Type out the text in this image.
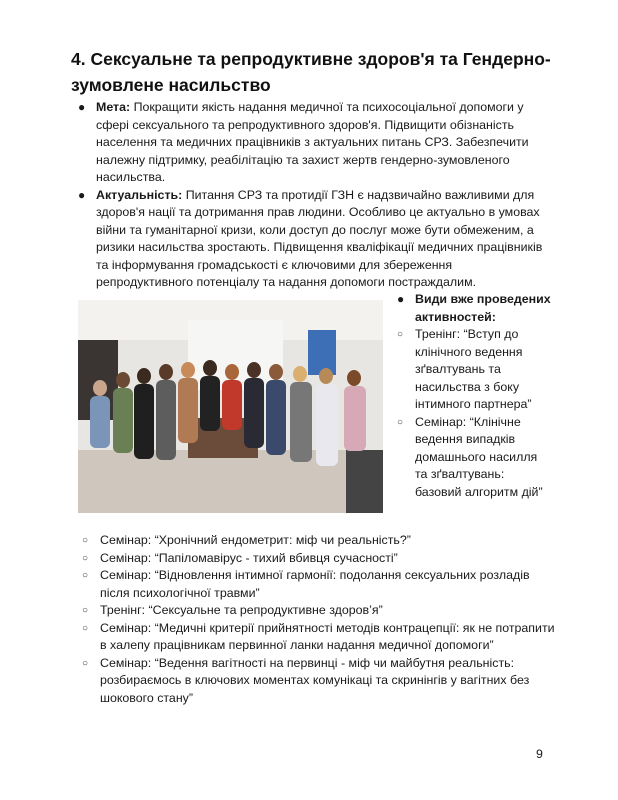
4. Сексуальне та репродуктивне здоров'я та Гендерно-зумовлене насильство
● Мета: Покращити якість надання медичної та психосоціальної допомоги у сфері сексуального та репродуктивного здоров'я. Підвищити обізнаність населення та медичних працівників з актуальних питань СРЗ. Забезпечити належну підтримку, реабілітацію та захист жертв гендерно-зумовленого насильства.
● Актуальність: Питання СРЗ та протидії ГЗН є надзвичайно важливими для здоров'я нації та дотримання прав людини. Особливо це актуально в умовах війни та гуманітарної кризи, коли доступ до послуг може бути обмеженим, а ризики насильства зростають. Підвищення кваліфікації медичних працівників та інформування громадськості є ключовими для збереження репродуктивного потенціалу та надання допомоги постраждалим.
● Види вже проведених активностей:
○ Тренінг: “Вступ до клінічного ведення зґвалтувань та насильства з боку інтимного партнера”
○ Семінар: “Клінічне ведення випадків домашнього насилля та зґвалтувань: базовий алгоритм дій”
○ Семінар: “Хронічний ендометрит: міф чи реальність?”
○ Семінар: “Папіломавірус - тихий вбивця сучасності”
○ Семінар: “Відновлення інтимної гармонії: подолання сексуальних розладів після психологічної травми”
○ Тренінг: “Сексуальне та репродуктивне здоров’я”
○ Семінар: “Медичні критерії прийнятності методів контрацепції: як не потрапити в халепу працівникам первинної ланки надання медичної допомоги”
○ Семінар: “Ведення вагітності на первинці - міф чи майбутня реальність: розбираємось в ключових моментах комунікаці та скринінгів у вагітних без шокового стану”
9
